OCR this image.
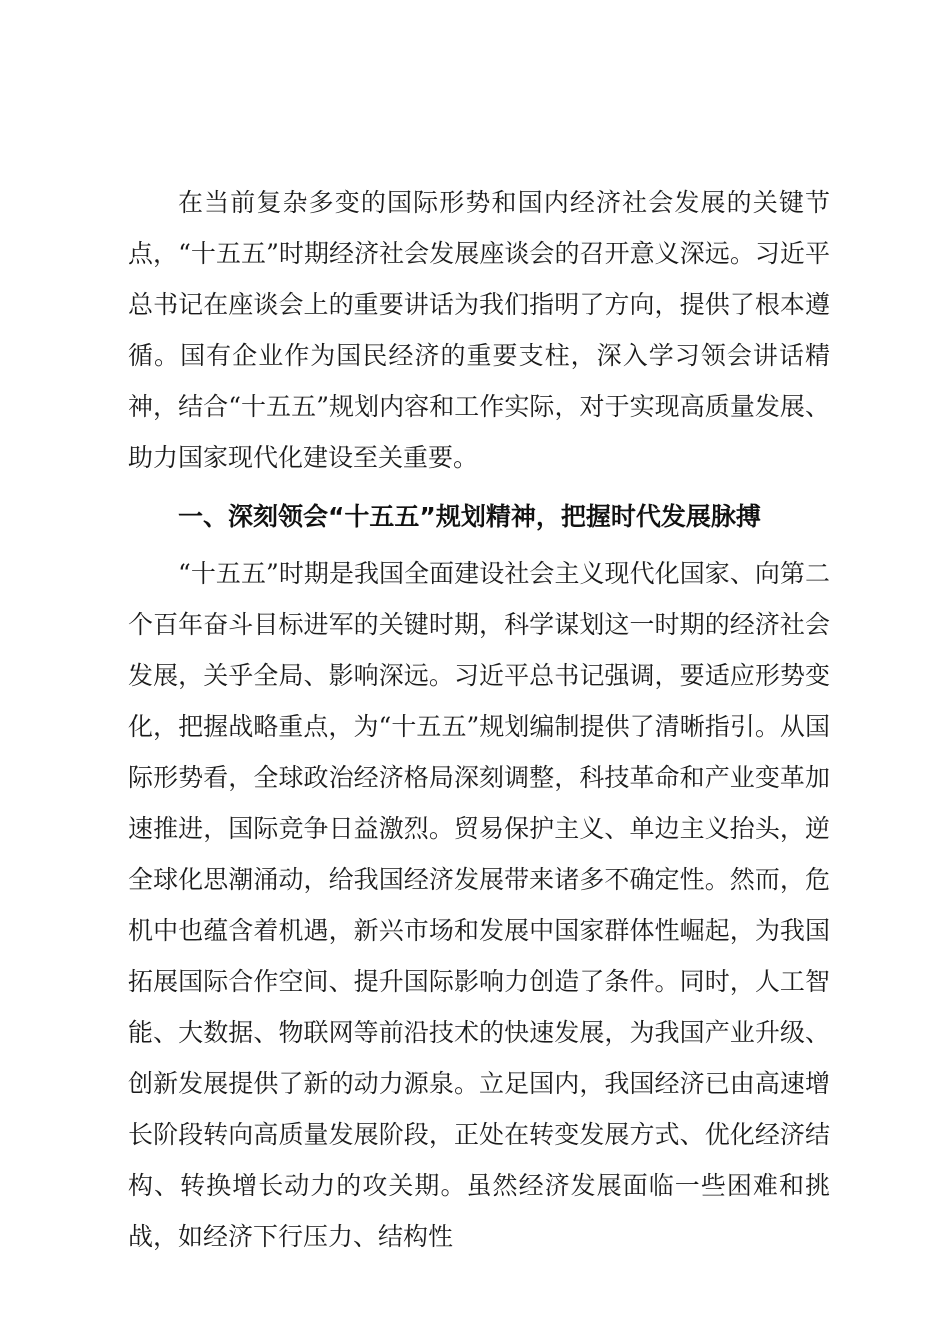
在当前复杂多变的国际形势和国内经济社会发展的关键节点，“十五五”时期经济社会发展座谈会的召开意义深远。习近平总书记在座谈会上的重要讲话为我们指明了方向，提供了根本遵循。国有企业作为国民经济的重要支柱，深入学习领会讲话精神，结合“十五五”规划内容和工作实际，对于实现高质量发展、助力国家现代化建设至关重要。

一、深刻领会“十五五”规划精神，把握时代发展脉搏

“十五五”时期是我国全面建设社会主义现代化国家、向第二个百年奋斗目标进军的关键时期，科学谋划这一时期的经济社会发展，关乎全局、影响深远。习近平总书记强调，要适应形势变化，把握战略重点，为“十五五”规划编制提供了清晰指引。从国际形势看，全球政治经济格局深刻调整，科技革命和产业变革加速推进，国际竞争日益激烈。贸易保护主义、单边主义抬头，逆全球化思潮涌动，给我国经济发展带来诸多不确定性。然而，危机中也蕴含着机遇，新兴市场和发展中国家群体性崛起，为我国拓展国际合作空间、提升国际影响力创造了条件。同时，人工智能、大数据、物联网等前沿技术的快速发展，为我国产业升级、创新发展提供了新的动力源泉。立足国内，我国经济已由高速增长阶段转向高质量发展阶段，正处在转变发展方式、优化经济结构、转换增长动力的攻关期。虽然经济发展面临一些困难和挑战，如经济下行压力、结构性
